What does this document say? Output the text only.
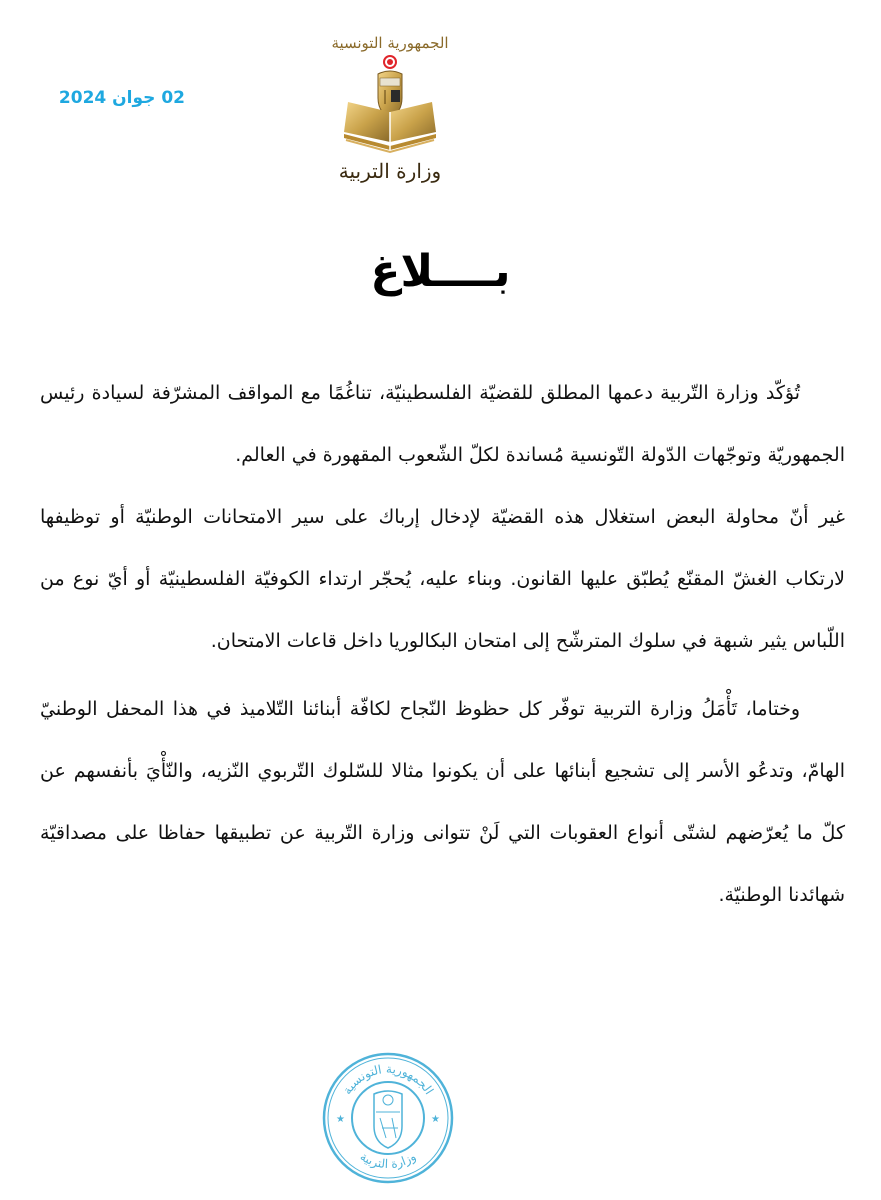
02 جوان 2024
الجمهورية التونسية
وزارة التربية
بــــلاغ

تُؤكّد وزارة التّربية دعمها المطلق للقضيّة الفلسطينيّة، تناغُمًا مع المواقف المشرّفة لسيادة رئيس الجمهوريّة وتوجّهات الدّولة التّونسية مُساندة لكلّ الشّعوب المقهورة في العالم.

غير أنّ محاولة البعض استغلال هذه القضيّة لإدخال إرباك على سير الامتحانات الوطنيّة أو توظيفها لارتكاب الغشّ المقنّع يُطبّق عليها القانون. وبناء عليه، يُحجّر ارتداء الكوفيّة الفلسطينيّة أو أيّ نوع من اللّباس يثير شبهة في سلوك المترشّح إلى امتحان البكالوريا داخل قاعات الامتحان.

وختاما، تَأْمَلُ وزارة التربية توفّر كل حظوظ النّجاح لكافّة أبنائنا التّلاميذ في هذا المحفل الوطنيّ الهامّ، وتدعُو الأسر إلى تشجيع أبنائها على أن يكونوا مثالا للسّلوك التّربوي النّزيه، والنّأْيَ بأنفسهم عن كلّ ما يُعرّضهم لشتّى أنواع العقوبات التي لَنْ تتوانى وزارة التّربية عن تطبيقها حفاظا على مصداقيّة شهائدنا الوطنيّة.

الجمهورية التونسية
وزارة التربية
★	★
